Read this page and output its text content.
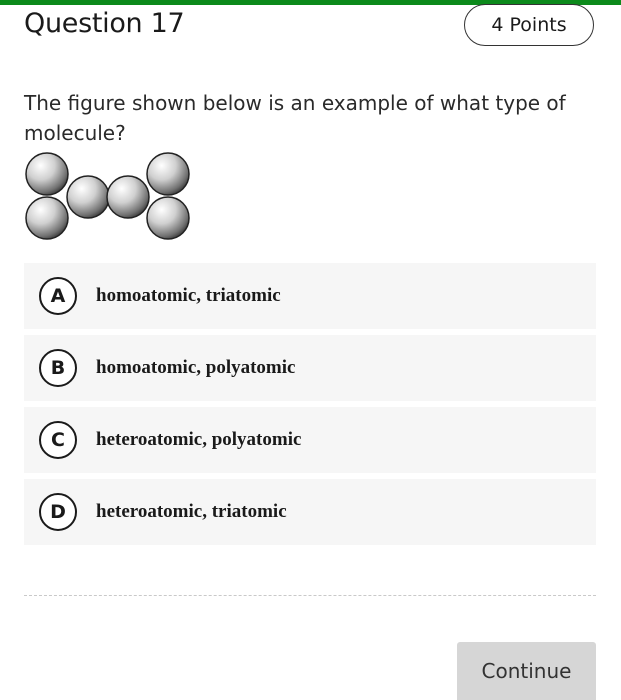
Question 17	4 Points

The figure shown below is an example of what type of molecule?

A	homoatomic, triatomic
B	homoatomic, polyatomic
C	heteroatomic, polyatomic
D	heteroatomic, triatomic
Continue
